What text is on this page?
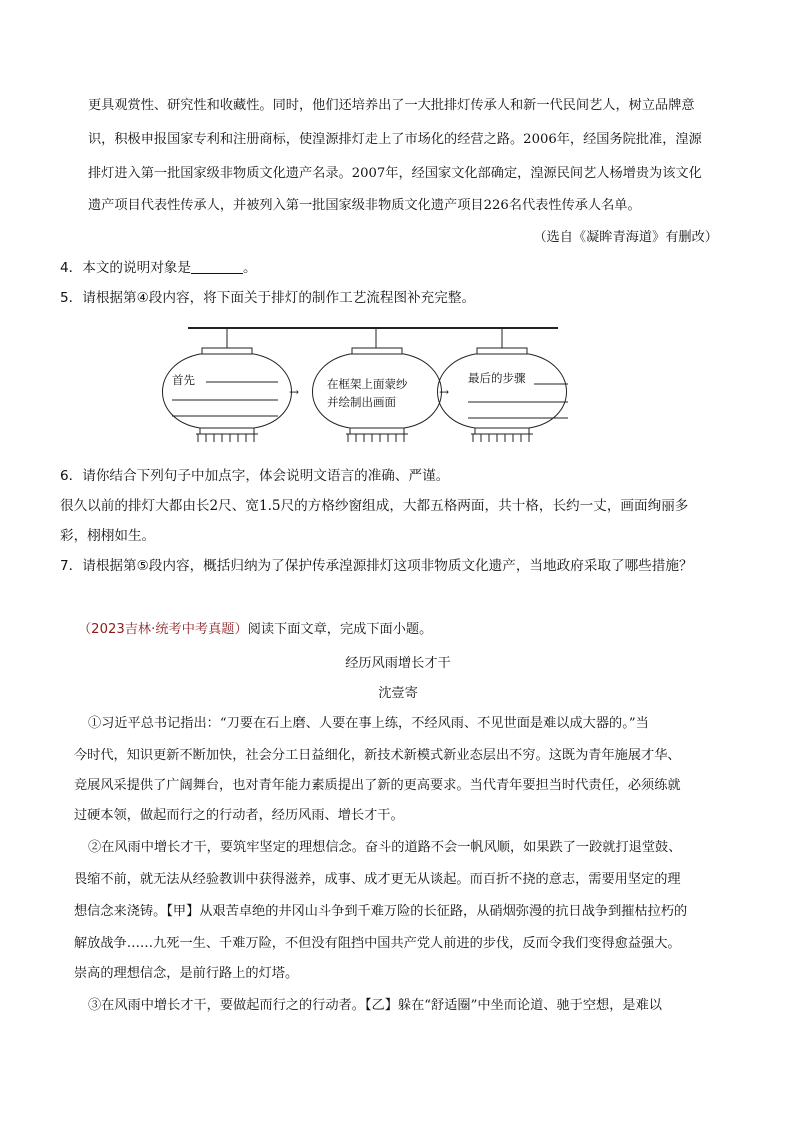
更具观赏性、研究性和收藏性。同时，他们还培养出了一大批排灯传承人和新一代民间艺人，树立品牌意
识，积极申报国家专利和注册商标，使湟源排灯走上了市场化的经营之路。2006年，经国务院批准，湟源
排灯进入第一批国家级非物质文化遗产名录。2007年，经国家文化部确定，湟源民间艺人杨增贵为该文化
遗产项目代表性传承人，并被列入第一批国家级非物质文化遗产项目226名代表性传承人名单。
（选自《凝眸青海道》有删改）
4．本文的说明对象是	。
5．请根据第④段内容，将下面关于排灯的制作工艺流程图补充完整。
首先
→
在框架上面蒙纱
并绘制出画面
→
最后的步骤
6．请你结合下列句子中加点字，体会说明文语言的准确、严谨。
很久以前的排灯大都由长2尺、宽1.5尺的方格纱窗组成，大都五格两面，共十格，长约一丈，画面绚丽多
彩，栩栩如生。
7．请根据第⑤段内容，概括归纳为了保护传承湟源排灯这项非物质文化遗产，当地政府采取了哪些措施？
（2023吉林·统考中考真题）阅读下面文章，完成下面小题。
经历风雨增长才干
沈壹寄
①习近平总书记指出：“刀要在石上磨、人要在事上练，不经风雨、不见世面是难以成大器的。”当
今时代，知识更新不断加快，社会分工日益细化，新技术新模式新业态层出不穷。这既为青年施展才华、
竞展风采提供了广阔舞台，也对青年能力素质提出了新的更高要求。当代青年要担当时代责任，必须练就
过硬本领，做起而行之的行动者，经历风雨、增长才干。
②在风雨中增长才干，要筑牢坚定的理想信念。奋斗的道路不会一帆风顺，如果跌了一跤就打退堂鼓、
畏缩不前，就无法从经验教训中获得滋养，成事、成才更无从谈起。而百折不挠的意志，需要用坚定的理
想信念来浇铸。【甲】从艰苦卓绝的井冈山斗争到千难万险的长征路，从硝烟弥漫的抗日战争到摧枯拉朽的
解放战争……九死一生、千难万险，不但没有阻挡中国共产党人前进的步伐，反而令我们变得愈益强大。
崇高的理想信念，是前行路上的灯塔。
③在风雨中增长才干，要做起而行之的行动者。【乙】躲在“舒适圈”中坐而论道、驰于空想，是难以
